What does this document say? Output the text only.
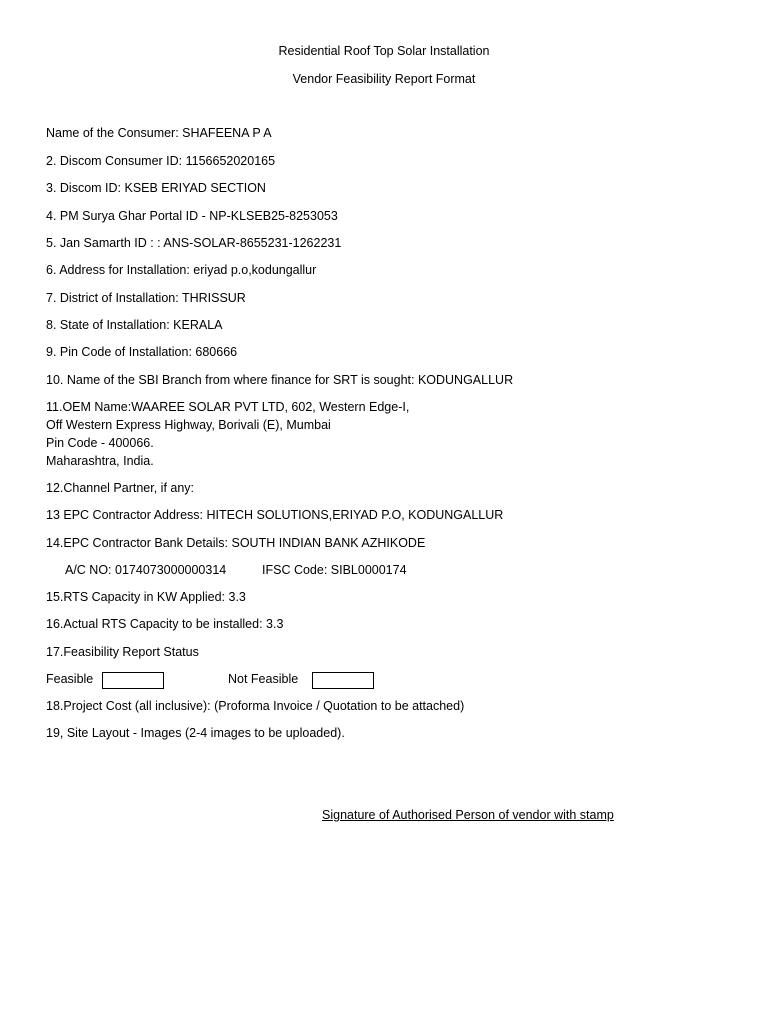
Residential Roof Top Solar Installation
Vendor Feasibility Report Format
Name of the Consumer: SHAFEENA P A
2. Discom Consumer ID: 1156652020165
3. Discom ID: KSEB ERIYAD SECTION
4. PM Surya Ghar Portal ID - NP-KLSEB25-8253053
5. Jan Samarth ID : : ANS-SOLAR-8655231-1262231
6. Address for Installation: eriyad p.o,kodungallur
7. District of Installation: THRISSUR
8. State of Installation: KERALA
9. Pin Code of Installation: 680666
10. Name of the SBI Branch from where finance for SRT is sought: KODUNGALLUR
11.OEM Name:WAAREE SOLAR PVT LTD, 602, Western Edge-I,
Off Western Express Highway, Borivali (E), Mumbai
Pin Code - 400066.
Maharashtra, India.
12.Channel Partner, if any:
13 EPC Contractor Address: HITECH SOLUTIONS,ERIYAD P.O, KODUNGALLUR
14.EPC Contractor Bank Details: SOUTH INDIAN BANK AZHIKODE
A/C NO: 0174073000000314	IFSC Code: SIBL0000174
15.RTS Capacity in KW Applied: 3.3
16.Actual RTS Capacity to be installed: 3.3
17.Feasibility Report Status
Feasible	Not Feasible
18.Project Cost (all inclusive): (Proforma Invoice / Quotation to be attached)
19, Site Layout - Images (2-4 images to be uploaded).
Signature of Authorised Person of vendor with stamp
